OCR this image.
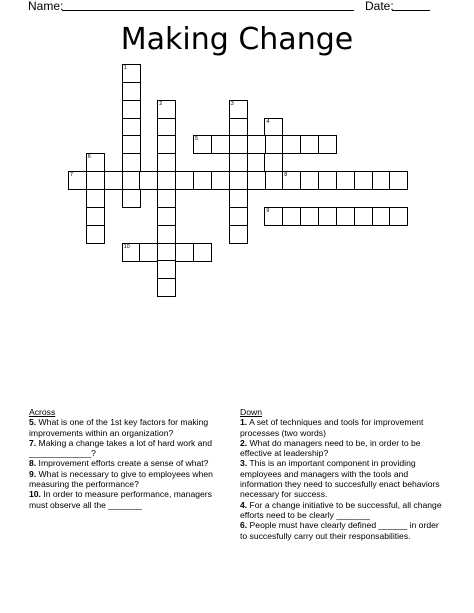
Name:	Date:
Making Change
1
2	3
4
5
6
7	8
9
10
Across

5. What is one of the 1st key factors for making improvements within an organization?

7. Making a change takes a lot of hard work and _____________?

8. Improvement efforts create a sense of what?

9. What is necessary to give to employees when measuring the performance?

10. In order to measure performance, managers must observe all the _______

Down

1. A set of techniques and tools for improvement processes (two words)

2. What do managers need to be, in order to be effective at leadership?

3. This is an important component in providing employees and managers with the tools and information they need to succesfully enact behaviors necessary for success.

4. For a change initiative to be successful, all change efforts need to be clearly _______

6. People must have clearly defined ______ in order to succesfully carry out their responsabilities.
